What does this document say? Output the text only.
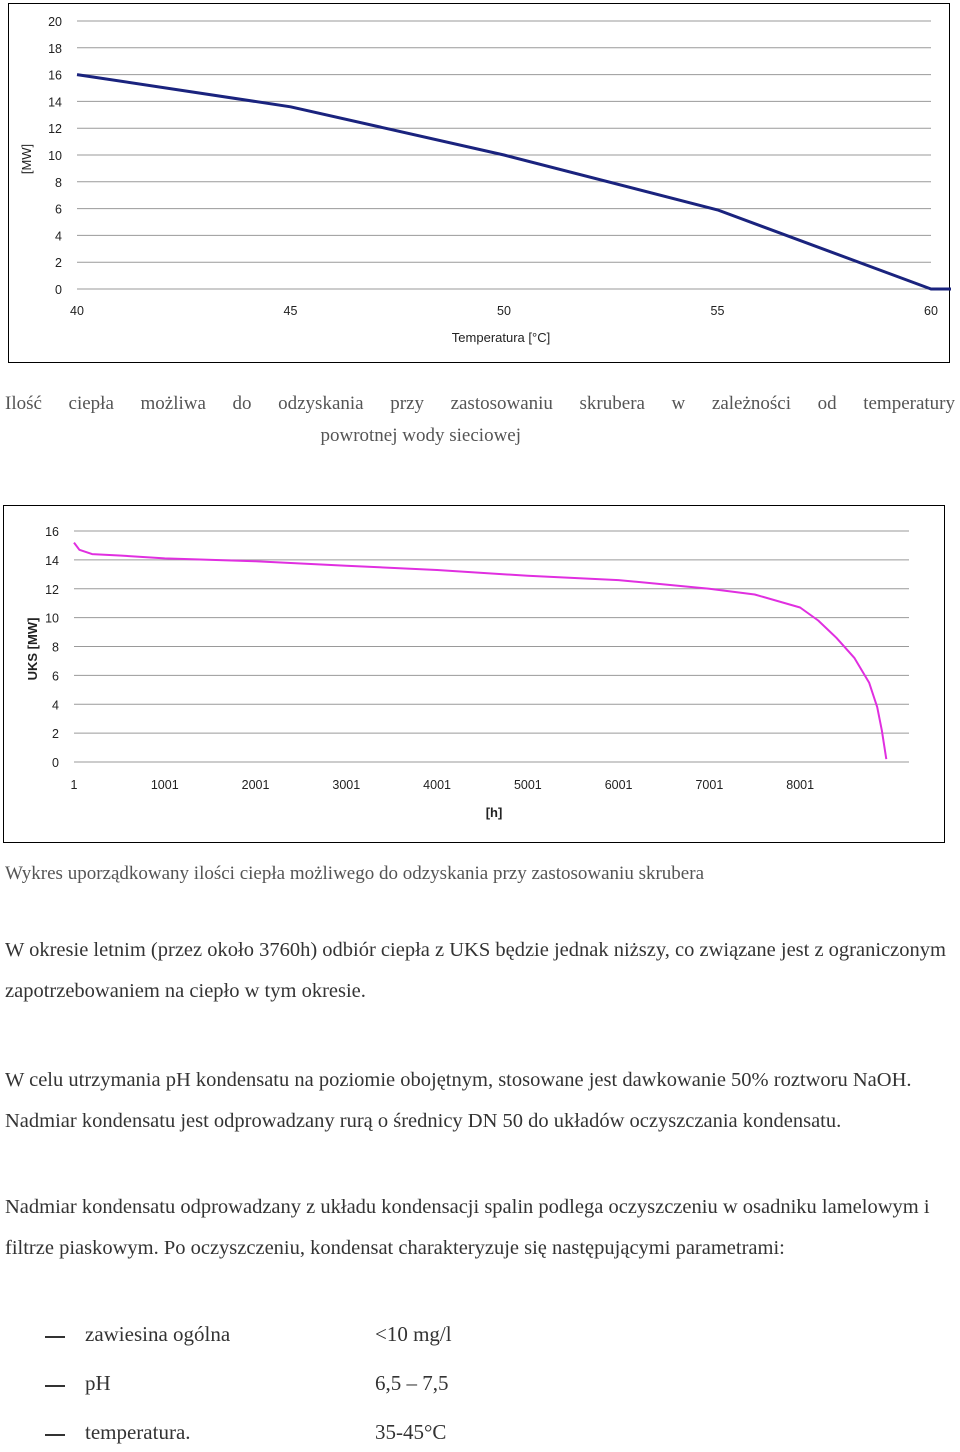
0
2
4
6
8
10
12
14
16
18
20
40	45	50	55	60
Temperatura [°C]
[MW]
Ilość ciepła możliwa do odzyskania przy zastosowaniu skrubera w zależności od temperatury
powrotnej wody sieciowej
0
2
4
6
8
10
12
14
16
1	1001	2001	3001	4001	5001	6001	7001	8001
[h]
UKS [MW]
Wykres uporządkowany ilości ciepła możliwego do odzyskania przy zastosowaniu skrubera
W okresie letnim (przez około 3760h) odbiór ciepła z UKS będzie jednak niższy, co związane jest z ograniczonym zapotrzebowaniem na ciepło w tym okresie.
W celu utrzymania pH kondensatu na poziomie obojętnym, stosowane jest dawkowanie 50% roztworu NaOH. Nadmiar kondensatu jest odprowadzany rurą o średnicy DN 50 do układów oczyszczania kondensatu.
Nadmiar kondensatu odprowadzany z układu kondensacji spalin podlega oczyszczeniu w osadniku lamelowym i filtrze piaskowym. Po oczyszczeniu, kondensat charakteryzuje się następującymi parametrami:
zawiesina ogólna	<10 mg/l
pH	6,5 – 7,5
temperatura.	35-45°C
